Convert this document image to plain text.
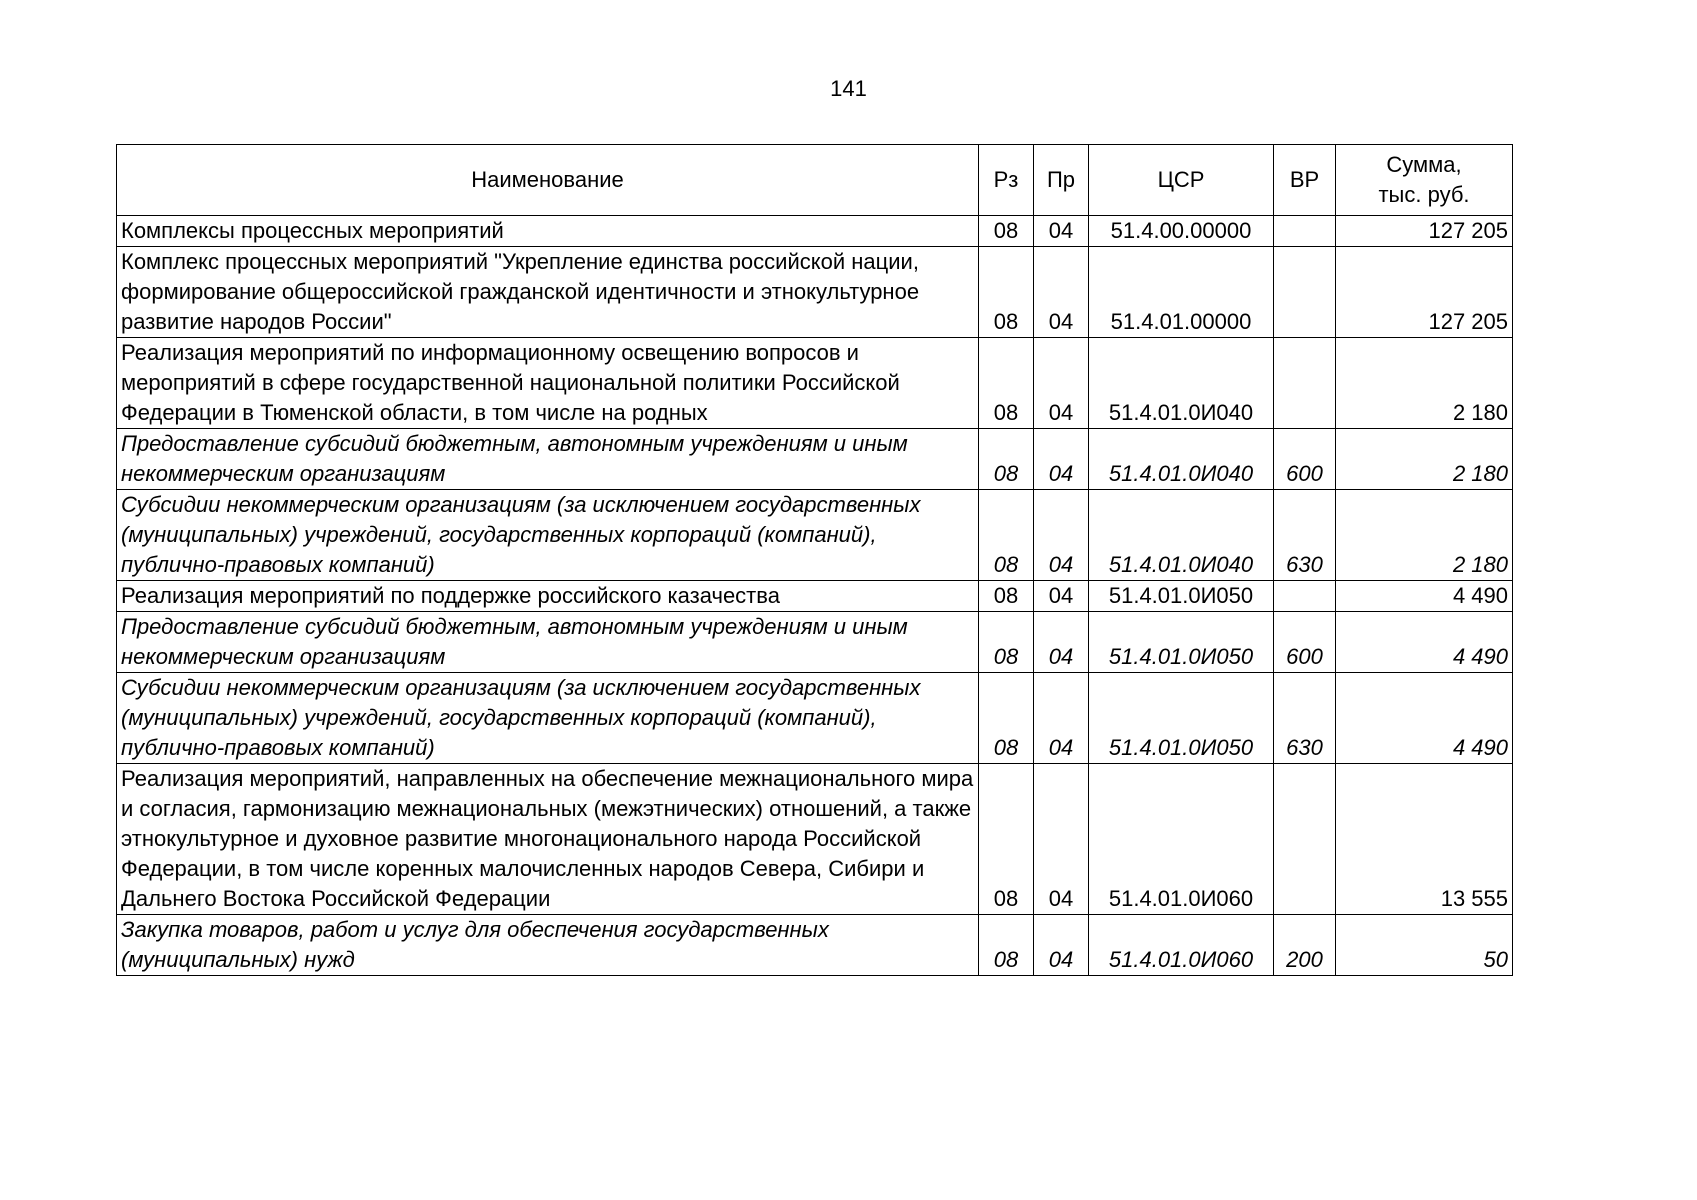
141
Наименование	Рз	Пр	ЦСР	ВР	Сумма,
тыс. руб.
Комплексы процессных мероприятий	08	04	51.4.00.00000		127 205
Комплекс процессных мероприятий "Укрепление единства российской нации, формирование общероссийской гражданской идентичности и этнокультурное развитие народов России"	08	04	51.4.01.00000		127 205
Реализация мероприятий по информационному освещению вопросов и мероприятий в сфере государственной национальной политики Российской Федерации в Тюменской области, в том числе на родных	08	04	51.4.01.0И040		2 180
Предоставление субсидий бюджетным, автономным учреждениям и иным некоммерческим организациям	08	04	51.4.01.0И040	600	2 180
Субсидии некоммерческим организациям (за исключением государственных (муниципальных) учреждений, государственных корпораций (компаний), публично-правовых компаний)	08	04	51.4.01.0И040	630	2 180
Реализация мероприятий по поддержке российского казачества	08	04	51.4.01.0И050		4 490
Предоставление субсидий бюджетным, автономным учреждениям и иным некоммерческим организациям	08	04	51.4.01.0И050	600	4 490
Субсидии некоммерческим организациям (за исключением государственных (муниципальных) учреждений, государственных корпораций (компаний), публично-правовых компаний)	08	04	51.4.01.0И050	630	4 490
Реализация мероприятий, направленных на обеспечение межнационального мира и согласия, гармонизацию межнациональных (межэтнических) отношений, а также этнокультурное и духовное развитие многонационального народа Российской Федерации, в том числе коренных малочисленных народов Севера, Сибири и Дальнего Востока Российской Федерации	08	04	51.4.01.0И060		13 555
Закупка товаров, работ и услуг для обеспечения государственных (муниципальных) нужд	08	04	51.4.01.0И060	200	50
